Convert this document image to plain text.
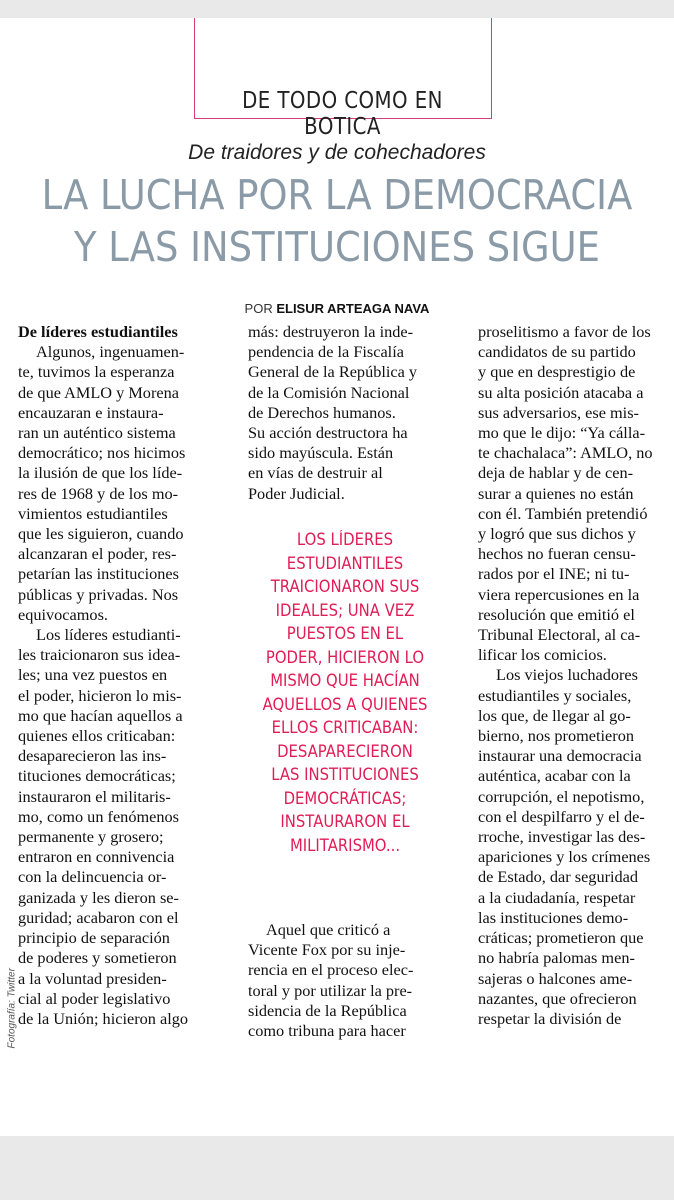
DE TODO COMO EN BOTICA
De traidores y de cohechadores
LA LUCHA POR LA DEMOCRACIA
Y LAS INSTITUCIONES SIGUE
POR ELISUR ARTEAGA NAVA
De líderes estudiantiles
Algunos, ingenuamen-
te, tuvimos la esperanza
de que AMLO y Morena
encauzaran e instaura-
ran un auténtico sistema
democrático; nos hicimos
la ilusión de que los líde-
res de 1968 y de los mo-
vimientos estudiantiles
que les siguieron, cuando
alcanzaran el poder, res-
petarían las instituciones
públicas y privadas. Nos
equivocamos.
Los líderes estudianti-
les traicionaron sus ideа-
les; una vez puestos en
el poder, hicieron lo mis-
mo que hacían aquellos a
quienes ellos criticaban:
desaparecieron las ins-
tituciones democráticas;
instauraron el militaris-
mo, como un fenómenos
permanente y grosero;
entraron en connivencia
con la delincuencia or-
ganizada y les dieron se-
guridad; acabaron con el
principio de separación
de poderes y sometieron
a la voluntad presiden-
cial al poder legislativo
de la Unión; hicieron algo
más: destruyeron la inde-
pendencia de la Fiscalía
General de la República y
de la Comisión Nacional
de Derechos humanos.
Su acción destructora ha
sido mayúscula. Están
en vías de destruir al
Poder Judicial.
LOS LÍDERES
ESTUDIANTILES
TRAICIONARON SUS
IDEALES; UNA VEZ
PUESTOS EN EL
PODER, HICIERON LO
MISMO QUE HACÍAN
AQUELLOS A QUIENES
ELLOS CRITICABAN:
DESAPARECIERON
LAS INSTITUCIONES
DEMOCRÁTICAS;
INSTAURARON EL
MILITARISMO...
Aquel que criticó a
Vicente Fox por su inje-
rencia en el proceso elec-
toral y por utilizar la pre-
sidencia de la República
como tribuna para hacer
proselitismo a favor de los
candidatos de su partido
y que en desprestigio de
su alta posición atacaba a
sus adversarios, ese mis-
mo que le dijo: “Ya cálla-
te chachalaca”: AMLO, no
deja de hablar y de cen-
surar a quienes no están
con él. También pretendió
y logró que sus dichos y
hechos no fueran censu-
rados por el INE; ni tu-
viera repercusiones en la
resolución que emitió el
Tribunal Electoral, al ca-
lificar los comicios.
Los viejos luchadores
estudiantiles y sociales,
los que, de llegar al go-
bierno, nos prometieron
instaurar una democracia
auténtica, acabar con la
corrupción, el nepotismo,
con el despilfarro y el de-
rroche, investigar las des-
apariciones y los crímenes
de Estado, dar seguridad
a la ciudadanía, respetar
las instituciones demo-
cráticas; prometieron que
no habría palomas men-
sajeras o halcones ame-
nazantes, que ofrecieron
respetar la división de
Fotografía: Twitter
